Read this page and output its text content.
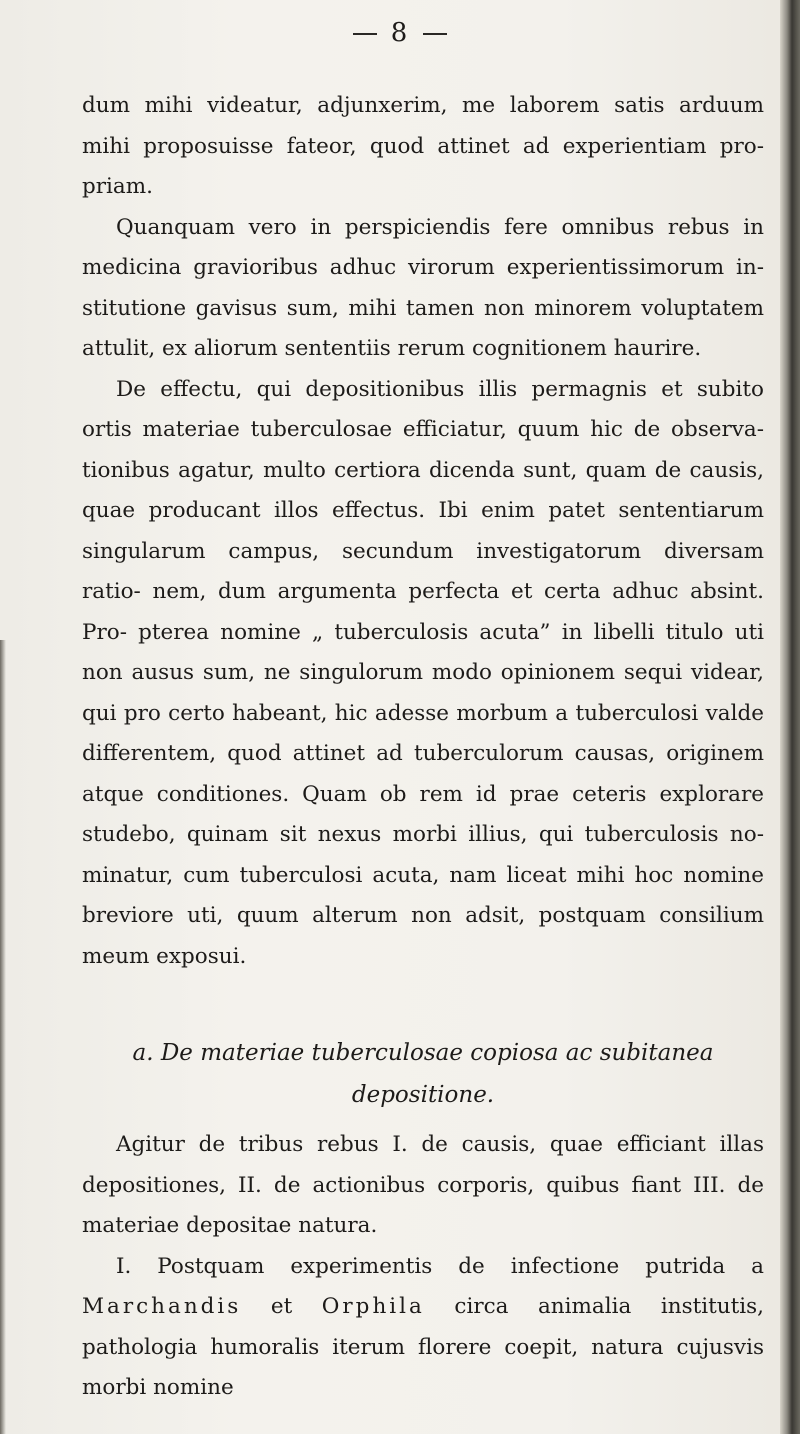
8

dum mihi videatur, adjunxerim, me laborem satis arduum mihi proposuisse fateor, quod attinet ad experientiam pro- priam.

Quanquam vero in perspiciendis fere omnibus rebus in medicina gravioribus adhuc virorum experientissimorum in- stitutione gavisus sum, mihi tamen non minorem voluptatem attulit, ex aliorum sententiis rerum cognitionem haurire.

De effectu, qui depositionibus illis permagnis et subito ortis materiae tuberculosae efficiatur, quum hic de observa- tionibus agatur, multo certiora dicenda sunt, quam de causis, quae producant illos effectus. Ibi enim patet sententiarum singularum campus, secundum investigatorum diversam ratio- nem, dum argumenta perfecta et certa adhuc absint. Pro- pterea nomine „ tuberculosis acuta” in libelli titulo uti non ausus sum, ne singulorum modo opinionem sequi videar, qui pro certo habeant, hic adesse morbum a tuberculosi valde differentem, quod attinet ad tuberculorum causas, originem atque conditiones. Quam ob rem id prae ceteris explorare studebo, quinam sit nexus morbi illius, qui tuberculosis no- minatur, cum tuberculosi acuta, nam liceat mihi hoc nomine breviore uti, quum alterum non adsit, postquam consilium meum exposui.

a. De materiae tuberculosae copiosa ac subitanea
depositione.

Agitur de tribus rebus I. de causis, quae efficiant illas depositiones, II. de actionibus corporis, quibus fiant III. de materiae depositae natura.

I. Postquam experimentis de infectione putrida a Marchandis et Orphila circa animalia institutis, pathologia humoralis iterum florere coepit, natura cujusvis morbi nomine
